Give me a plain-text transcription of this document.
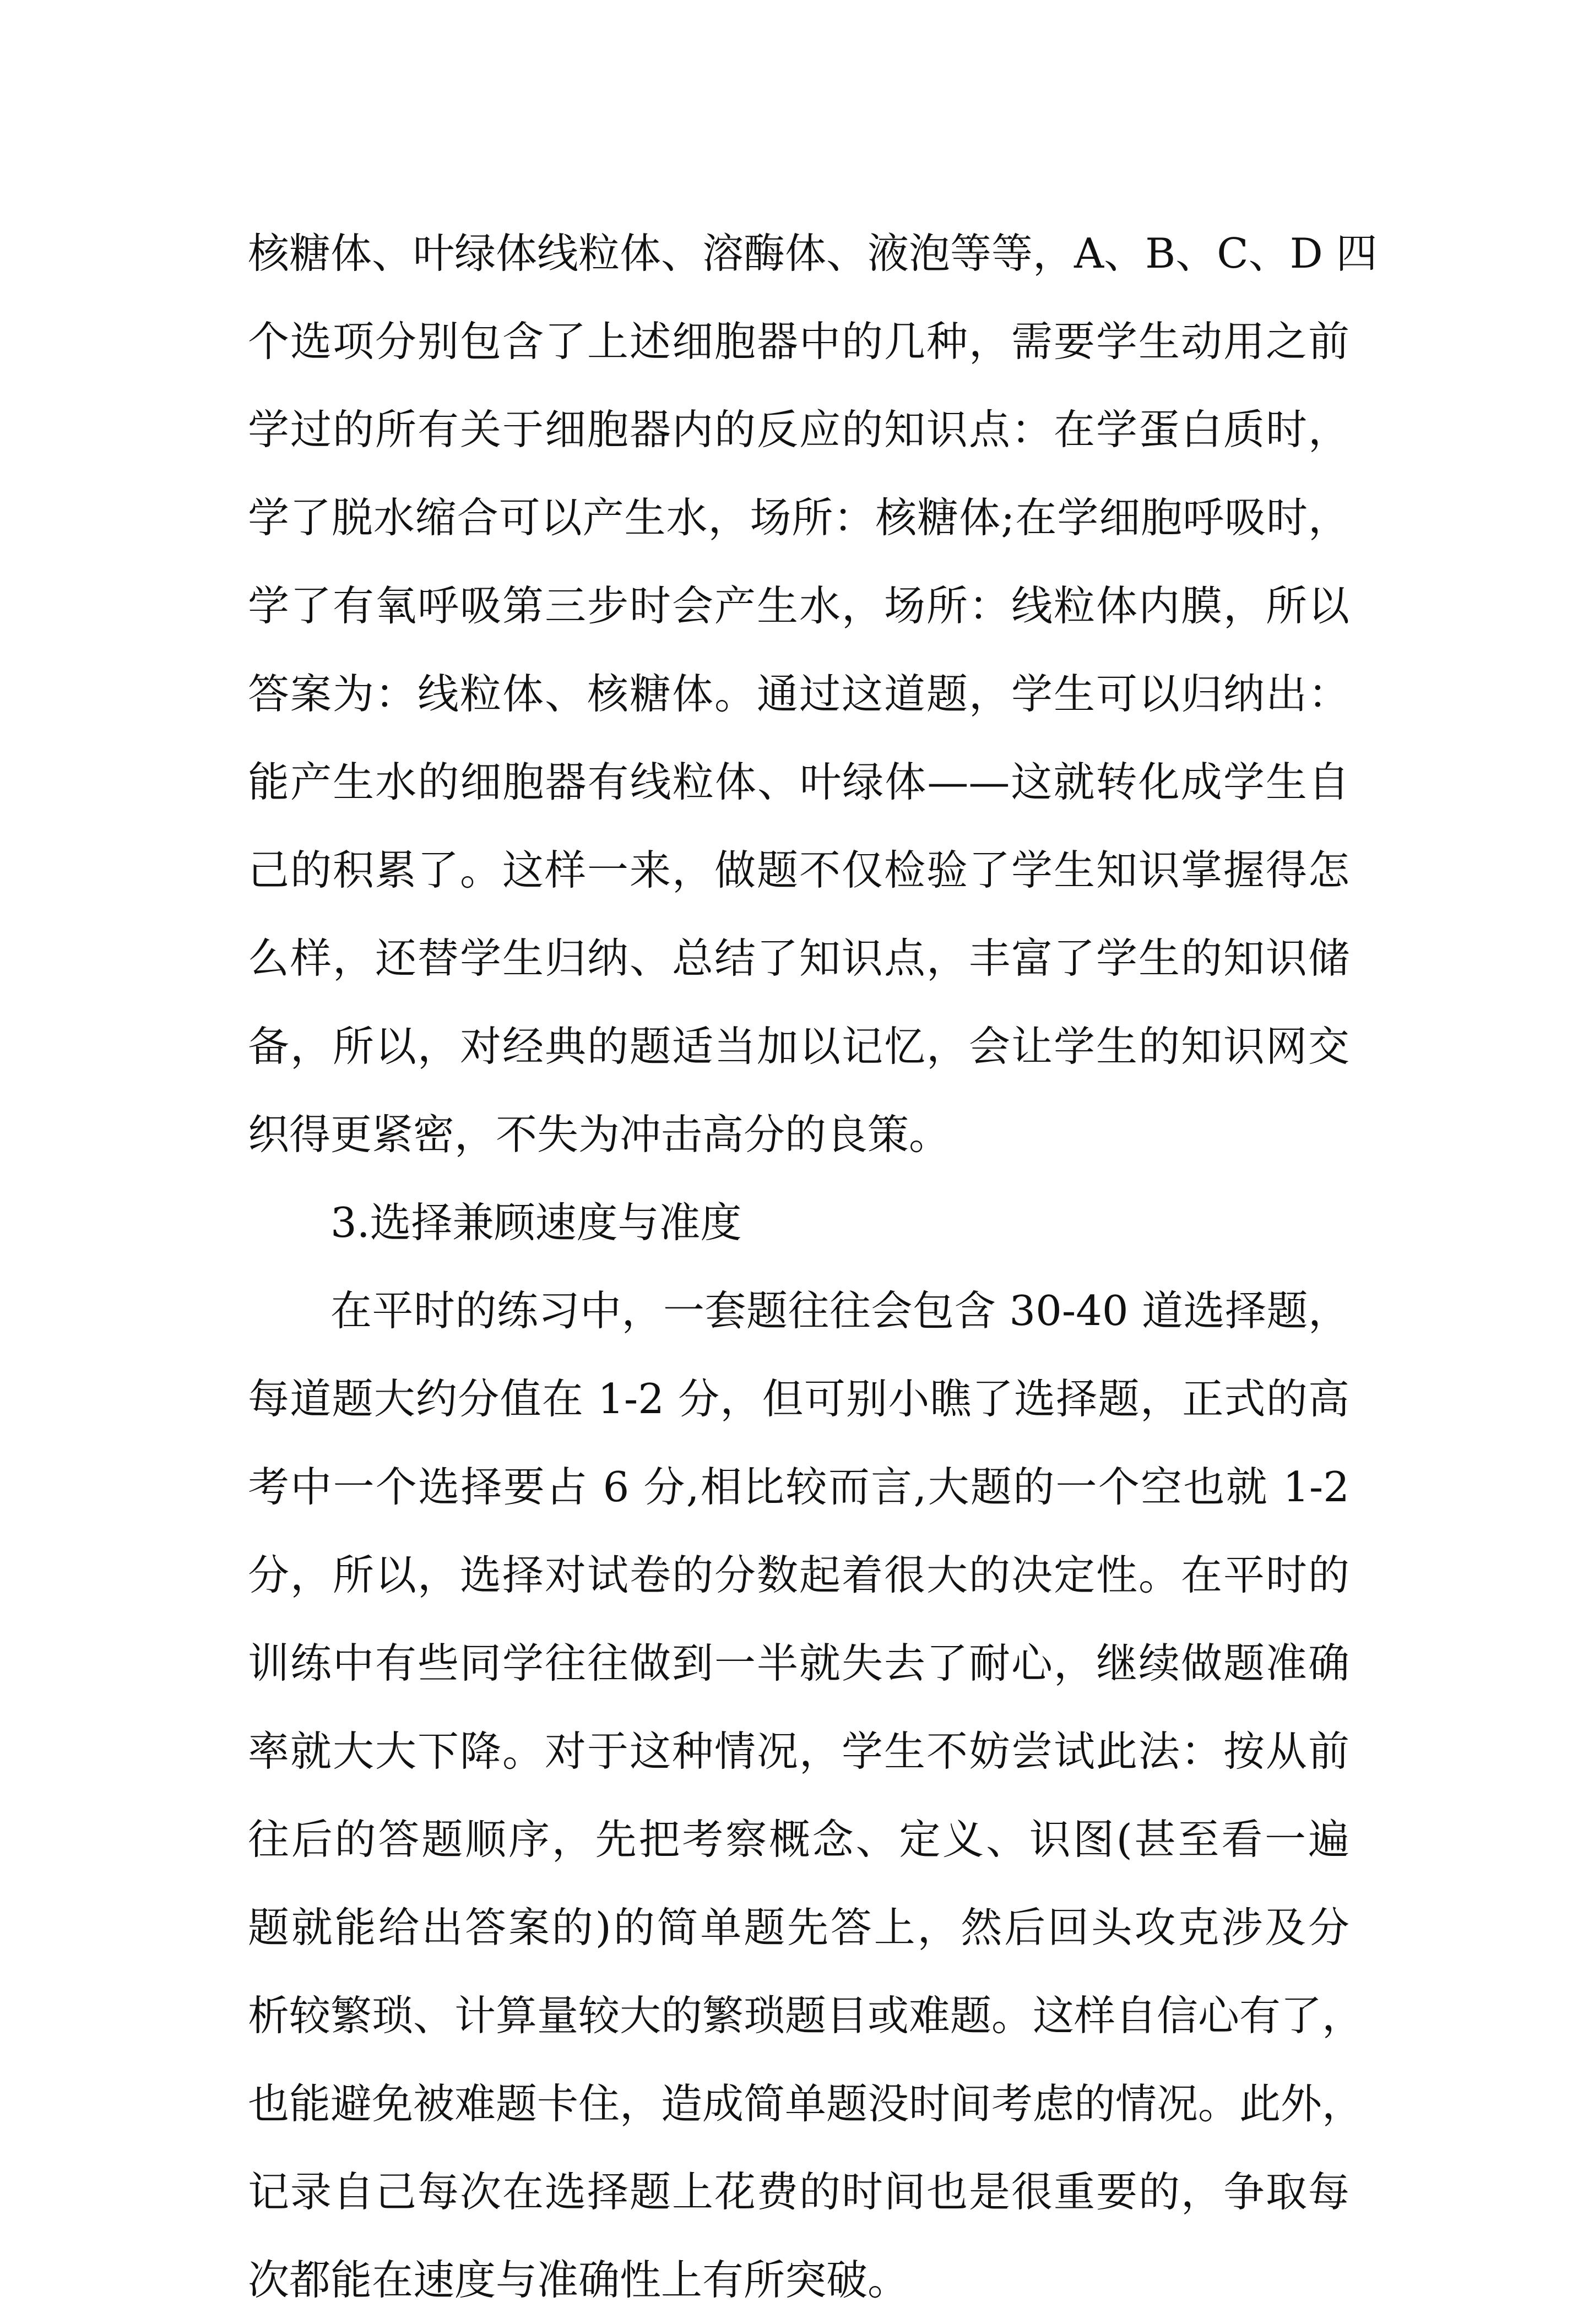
核糖体、叶绿体线粒体、溶酶体、液泡等等，A、B、C、D 四
个选项分别包含了上述细胞器中的几种，需要学生动用之前
学过的所有关于细胞器内的反应的知识点：在学蛋白质时，
学了脱水缩合可以产生水，场所：核糖体;在学细胞呼吸时，
学了有氧呼吸第三步时会产生水，场所：线粒体内膜，所以
答案为：线粒体、核糖体。通过这道题，学生可以归纳出：
能产生水的细胞器有线粒体、叶绿体——这就转化成学生自
己的积累了。这样一来，做题不仅检验了学生知识掌握得怎
么样，还替学生归纳、总结了知识点，丰富了学生的知识储
备，所以，对经典的题适当加以记忆，会让学生的知识网交
织得更紧密，不失为冲击高分的良策。
3.选择兼顾速度与准度
在平时的练习中，一套题往往会包含 30-40 道选择题，
每道题大约分值在 1-2 分，但可别小瞧了选择题，正式的高
考中一个选择要占 6 分,相比较而言,大题的一个空也就 1-2
分，所以，选择对试卷的分数起着很大的决定性。在平时的
训练中有些同学往往做到一半就失去了耐心，继续做题准确
率就大大下降。对于这种情况，学生不妨尝试此法：按从前
往后的答题顺序，先把考察概念、定义、识图(甚至看一遍
题就能给出答案的)的简单题先答上，然后回头攻克涉及分
析较繁琐、计算量较大的繁琐题目或难题。这样自信心有了，
也能避免被难题卡住，造成简单题没时间考虑的情况。此外，
记录自己每次在选择题上花费的时间也是很重要的，争取每
次都能在速度与准确性上有所突破。
